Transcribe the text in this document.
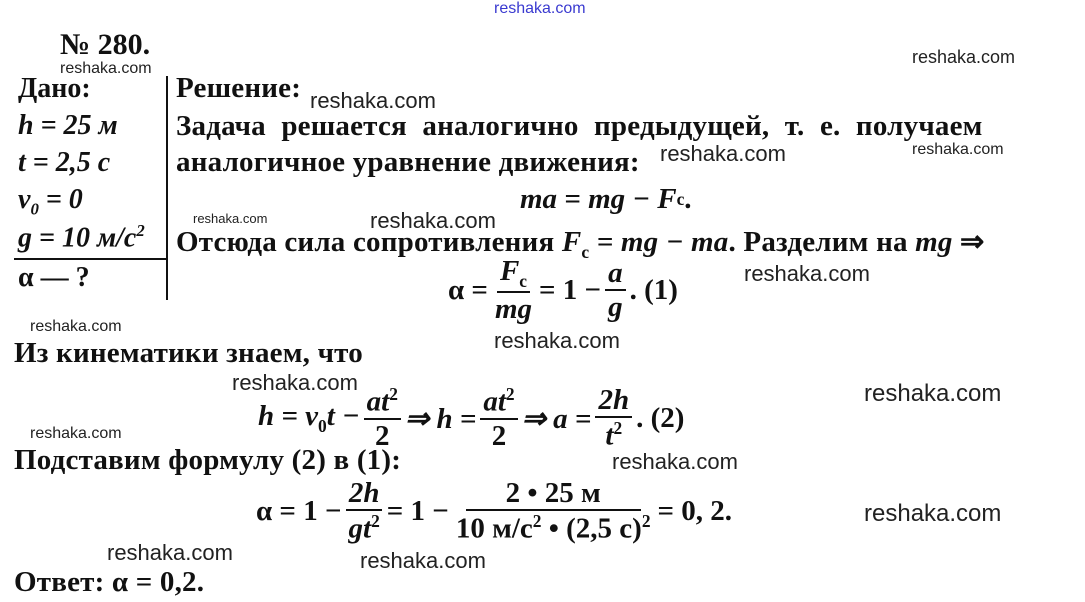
reshaka.com
reshaka.com
reshaka.com
reshaka.com
reshaka.com	reshaka.com
reshaka.com	reshaka.com
reshaka.com
reshaka.com
reshaka.com
reshaka.com	reshaka.com
reshaka.com
reshaka.com
reshaka.com
reshaka.com	reshaka.com
№ 280.
Дано:
h = 25 м
t = 2,5 с
$v_0 = 0$
g = 10 $м/с^2$
α — ?
Решение:
Задача решается аналогично предыдущей, т. е. получаем
аналогичное уравнение движения:
ma = mg − F c .
Отсюда сила сопротивления $F_c$ = mg − ma. Разделим на mg ⇒
$\alpha = \frac{F_c}{mg} = 1 - \frac{a}{g}$ . (1)
Из кинематики знаем, что
$h = v_0t - \frac{at^2}{2}$ ⇒ $h = \frac{at^2}{2}$ ⇒ $a = \frac{2h}{t^2}$ . (2)
Подставим формулу (2) в (1):
$\alpha = 1 - \frac{2h}{gt^2} = 1 - \frac{2 • 25 м}{10 м/с^2 • (2,5 с)^2} = 0$, 2.
Ответ: α = 0,2.
